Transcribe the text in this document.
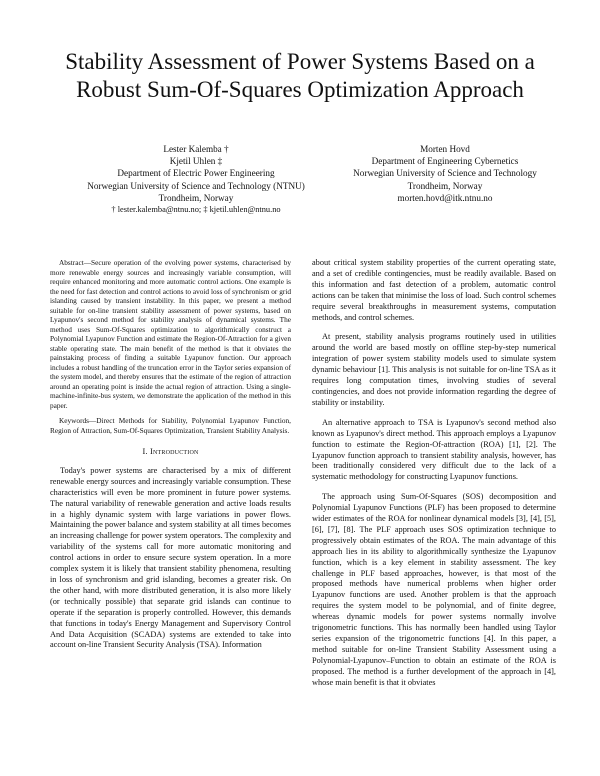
Stability Assessment of Power Systems Based on a
Robust Sum-Of-Squares Optimization Approach
Lester Kalemba †
Kjetil Uhlen ‡
Department of Electric Power Engineering
Norwegian University of Science and Technology (NTNU)
Trondheim, Norway
† lester.kalemba@ntnu.no; ‡ kjetil.uhlen@ntnu.no
Morten Hovd
Department of Engineering Cybernetics
Norwegian University of Science and Technology
Trondheim, Norway
morten.hovd@itk.ntnu.no

Abstract—Secure operation of the evolving power systems, characterised by more renewable energy sources and increasingly variable consumption, will require enhanced monitoring and more automatic control actions. One example is the need for fast detection and control actions to avoid loss of synchronism or grid islanding caused by transient instability. In this paper, we present a method suitable for on-line transient stability assessment of power systems, based on Lyapunov's second method for stability analysis of dynamical systems. The method uses Sum-Of-Squares optimization to algorithmically construct a Polynomial Lyapunov Function and estimate the Region-Of-Attraction for a given stable operating state. The main benefit of the method is that it obviates the painstaking process of finding a suitable Lyapunov function. Our approach includes a robust handling of the truncation error in the Taylor series expansion of the system model, and thereby ensures that the estimate of the region of attraction around an operating point is inside the actual region of attraction. Using a single-machine-infinite-bus system, we demonstrate the application of the method in this paper.

Keywords—Direct Methods for Stability, Polynomial Lyapunov Function, Region of Attraction, Sum-Of-Squares Optimization, Transient Stability Analysis.

I. Introduction

Today's power systems are characterised by a mix of different renewable energy sources and increasingly variable consumption. These characteristics will even be more prominent in future power systems. The natural variability of renewable generation and active loads results in a highly dynamic system with large variations in power flows. Maintaining the power balance and system stability at all times becomes an increasing challenge for power system operators. The complexity and variability of the systems call for more automatic monitoring and control actions in order to ensure secure system operation. In a more complex system it is likely that transient stability phenomena, resulting in loss of synchronism and grid islanding, becomes a greater risk. On the other hand, with more distributed generation, it is also more likely (or technically possible) that separate grid islands can continue to operate if the separation is properly controlled. However, this demands that functions in today's Energy Management and Supervisory Control And Data Acquisition (SCADA) systems are extended to take into account on-line Transient Security Analysis (TSA). Information

about critical system stability properties of the current operating state, and a set of credible contingencies, must be readily available. Based on this information and fast detection of a problem, automatic control actions can be taken that minimise the loss of load. Such control schemes require several breakthroughs in measurement systems, computation methods, and control schemes.

At present, stability analysis programs routinely used in utilities around the world are based mostly on offline step-by-step numerical integration of power system stability models used to simulate system dynamic behaviour [1]. This analysis is not suitable for on-line TSA as it requires long computation times, involving studies of several contingencies, and does not provide information regarding the degree of stability or instability.

An alternative approach to TSA is Lyapunov's second method also known as Lyapunov's direct method. This approach employs a Lyapunov function to estimate the Region-Of-attraction (ROA) [1], [2]. The Lyapunov function approach to transient stability analysis, however, has been traditionally considered very difficult due to the lack of a systematic methodology for constructing Lyapunov functions.

The approach using Sum-Of-Squares (SOS) decomposition and Polynomial Lyapunov Functions (PLF) has been proposed to determine wider estimates of the ROA for nonlinear dynamical models [3], [4], [5], [6], [7], [8]. The PLF approach uses SOS optimization technique to progressively obtain estimates of the ROA. The main advantage of this approach lies in its ability to algorithmically synthesize the Lyapunov function, which is a key element in stability assessment. The key challenge in PLF based approaches, however, is that most of the proposed methods have numerical problems when higher order Lyapunov functions are used. Another problem is that the approach requires the system model to be polynomial, and of finite degree, whereas dynamic models for power systems normally involve trigonometric functions. This has normally been handled using Taylor series expansion of the trigonometric functions [4]. In this paper, a method suitable for on-line Transient Stability Assessment using a Polynomial-Lyapunov–Function to obtain an estimate of the ROA is proposed. The method is a further development of the approach in [4], whose main benefit is that it obviates
